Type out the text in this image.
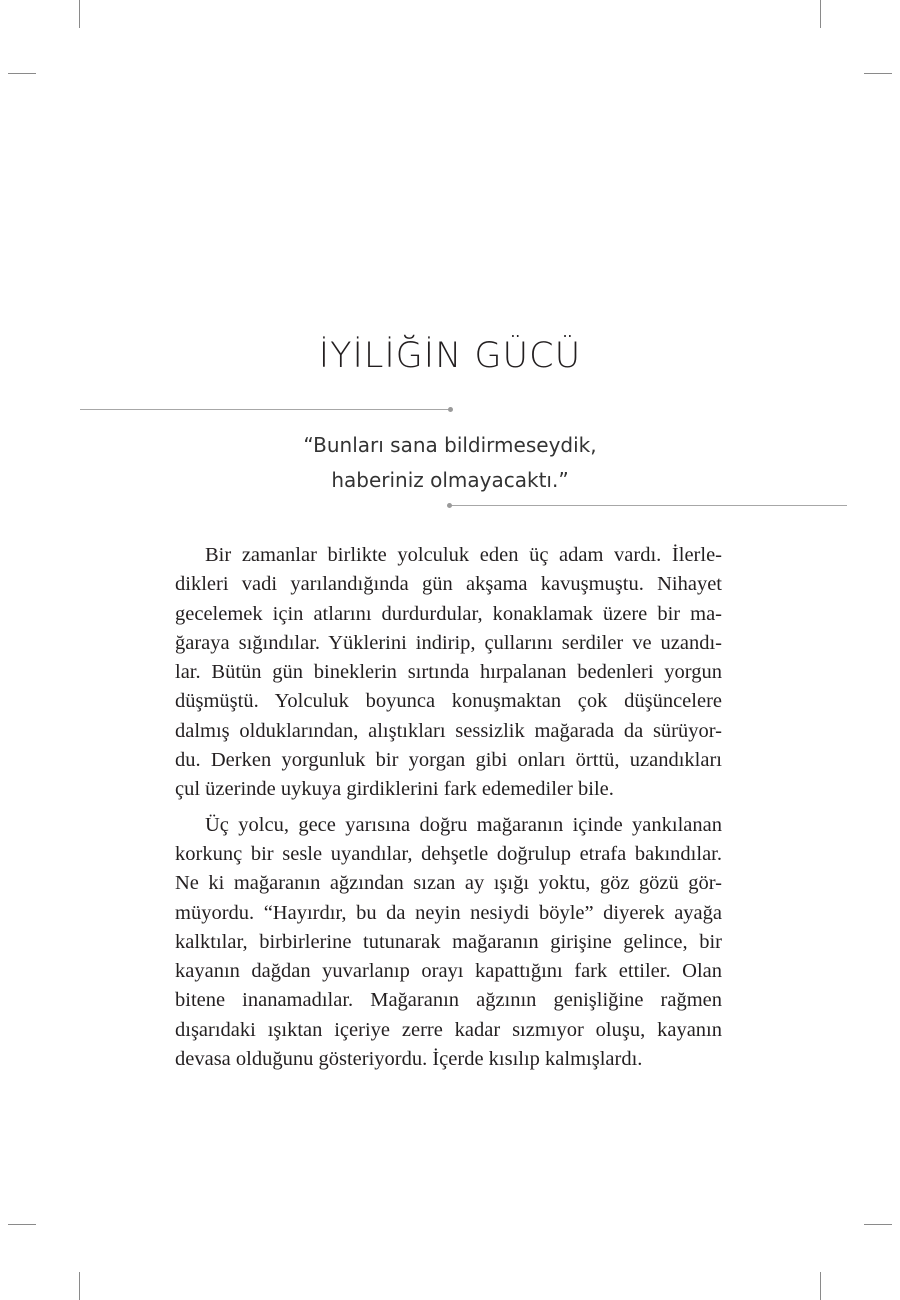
İYİLİĞİN GÜCÜ
“Bunları sana bildirmeseydik,
haberiniz olmayacaktı.”

Bir zamanlar birlikte yolculuk eden üç adam vardı. İlerle-
dikleri vadi yarılandığında gün akşama kavuşmuştu. Nihayet
gecelemek için atlarını durdurdular, konaklamak üzere bir ma-
ğaraya sığındılar. Yüklerini indirip, çullarını serdiler ve uzandı-
lar. Bütün gün bineklerin sırtında hırpalanan bedenleri yorgun
düşmüştü. Yolculuk boyunca konuşmaktan çok düşüncelere
dalmış olduklarından, alıştıkları sessizlik mağarada da sürüyor-
du. Derken yorgunluk bir yorgan gibi onları örttü, uzandıkları
çul üzerinde uykuya girdiklerini fark edemediler bile.

Üç yolcu, gece yarısına doğru mağaranın içinde yankılanan
korkunç bir sesle uyandılar, dehşetle doğrulup etrafa bakındılar.
Ne ki mağaranın ağzından sızan ay ışığı yoktu, göz gözü gör-
müyordu. “Hayırdır, bu da neyin nesiydi böyle” diyerek ayağa
kalktılar, birbirlerine tutunarak mağaranın girişine gelince, bir
kayanın dağdan yuvarlanıp orayı kapattığını fark ettiler. Olan
bitene inanamadılar. Mağaranın ağzının genişliğine rağmen
dışarıdaki ışıktan içeriye zerre kadar sızmıyor oluşu, kayanın
devasa olduğunu gösteriyordu. İçerde kısılıp kalmışlardı.
